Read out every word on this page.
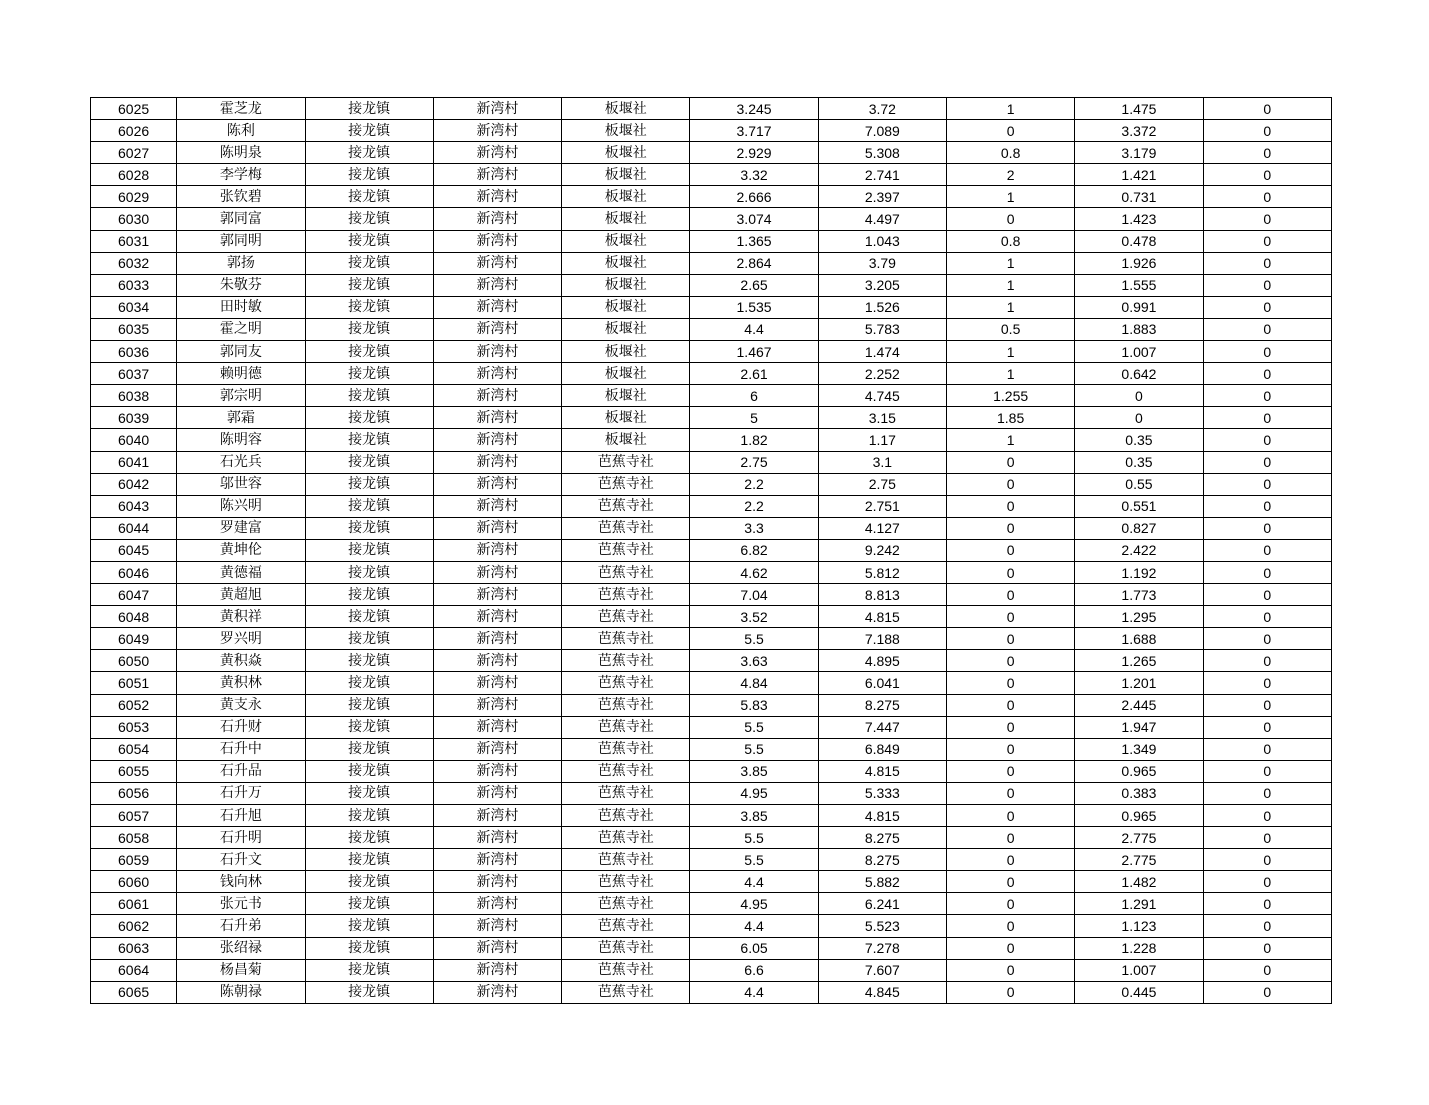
6025	霍芝龙	接龙镇	新湾村	板堰社	3.245	3.72	1	1.475	0
6026	陈利	接龙镇	新湾村	板堰社	3.717	7.089	0	3.372	0
6027	陈明泉	接龙镇	新湾村	板堰社	2.929	5.308	0.8	3.179	0
6028	李学梅	接龙镇	新湾村	板堰社	3.32	2.741	2	1.421	0
6029	张钦碧	接龙镇	新湾村	板堰社	2.666	2.397	1	0.731	0
6030	郭同富	接龙镇	新湾村	板堰社	3.074	4.497	0	1.423	0
6031	郭同明	接龙镇	新湾村	板堰社	1.365	1.043	0.8	0.478	0
6032	郭扬	接龙镇	新湾村	板堰社	2.864	3.79	1	1.926	0
6033	朱敬芬	接龙镇	新湾村	板堰社	2.65	3.205	1	1.555	0
6034	田时敏	接龙镇	新湾村	板堰社	1.535	1.526	1	0.991	0
6035	霍之明	接龙镇	新湾村	板堰社	4.4	5.783	0.5	1.883	0
6036	郭同友	接龙镇	新湾村	板堰社	1.467	1.474	1	1.007	0
6037	赖明德	接龙镇	新湾村	板堰社	2.61	2.252	1	0.642	0
6038	郭宗明	接龙镇	新湾村	板堰社	6	4.745	1.255	0	0
6039	郭霜	接龙镇	新湾村	板堰社	5	3.15	1.85	0	0
6040	陈明容	接龙镇	新湾村	板堰社	1.82	1.17	1	0.35	0
6041	石光兵	接龙镇	新湾村	芭蕉寺社	2.75	3.1	0	0.35	0
6042	邬世容	接龙镇	新湾村	芭蕉寺社	2.2	2.75	0	0.55	0
6043	陈兴明	接龙镇	新湾村	芭蕉寺社	2.2	2.751	0	0.551	0
6044	罗建富	接龙镇	新湾村	芭蕉寺社	3.3	4.127	0	0.827	0
6045	黄坤伦	接龙镇	新湾村	芭蕉寺社	6.82	9.242	0	2.422	0
6046	黄德福	接龙镇	新湾村	芭蕉寺社	4.62	5.812	0	1.192	0
6047	黄超旭	接龙镇	新湾村	芭蕉寺社	7.04	8.813	0	1.773	0
6048	黄积祥	接龙镇	新湾村	芭蕉寺社	3.52	4.815	0	1.295	0
6049	罗兴明	接龙镇	新湾村	芭蕉寺社	5.5	7.188	0	1.688	0
6050	黄积焱	接龙镇	新湾村	芭蕉寺社	3.63	4.895	0	1.265	0
6051	黄积林	接龙镇	新湾村	芭蕉寺社	4.84	6.041	0	1.201	0
6052	黄支永	接龙镇	新湾村	芭蕉寺社	5.83	8.275	0	2.445	0
6053	石升财	接龙镇	新湾村	芭蕉寺社	5.5	7.447	0	1.947	0
6054	石升中	接龙镇	新湾村	芭蕉寺社	5.5	6.849	0	1.349	0
6055	石升品	接龙镇	新湾村	芭蕉寺社	3.85	4.815	0	0.965	0
6056	石升万	接龙镇	新湾村	芭蕉寺社	4.95	5.333	0	0.383	0
6057	石升旭	接龙镇	新湾村	芭蕉寺社	3.85	4.815	0	0.965	0
6058	石升明	接龙镇	新湾村	芭蕉寺社	5.5	8.275	0	2.775	0
6059	石升文	接龙镇	新湾村	芭蕉寺社	5.5	8.275	0	2.775	0
6060	钱向林	接龙镇	新湾村	芭蕉寺社	4.4	5.882	0	1.482	0
6061	张元书	接龙镇	新湾村	芭蕉寺社	4.95	6.241	0	1.291	0
6062	石升弟	接龙镇	新湾村	芭蕉寺社	4.4	5.523	0	1.123	0
6063	张绍禄	接龙镇	新湾村	芭蕉寺社	6.05	7.278	0	1.228	0
6064	杨昌菊	接龙镇	新湾村	芭蕉寺社	6.6	7.607	0	1.007	0
6065	陈朝禄	接龙镇	新湾村	芭蕉寺社	4.4	4.845	0	0.445	0
